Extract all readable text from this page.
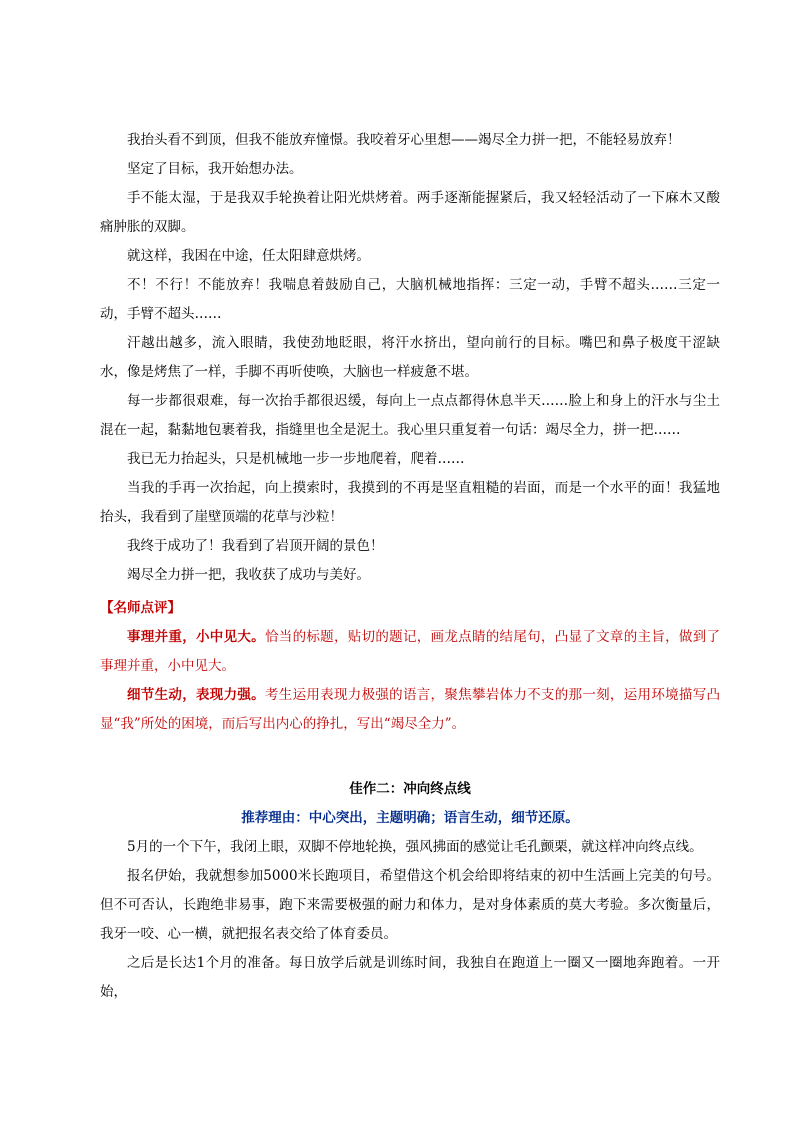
我抬头看不到顶，但我不能放弃憧憬。我咬着牙心里想——竭尽全力拼一把，不能轻易放弃！

坚定了目标，我开始想办法。

手不能太湿，于是我双手轮换着让阳光烘烤着。两手逐渐能握紧后，我又轻轻活动了一下麻木又酸痛肿胀的双脚。

就这样，我困在中途，任太阳肆意烘烤。

不！不行！不能放弃！我喘息着鼓励自己，大脑机械地指挥：三定一动，手臂不超头……三定一动，手臂不超头……

汗越出越多，流入眼睛，我使劲地眨眼，将汗水挤出，望向前行的目标。嘴巴和鼻子极度干涩缺水，像是烤焦了一样，手脚不再听使唤，大脑也一样疲惫不堪。

每一步都很艰难，每一次抬手都很迟缓，每向上一点点都得休息半天……脸上和身上的汗水与尘土混在一起，黏黏地包裹着我，指缝里也全是泥土。我心里只重复着一句话：竭尽全力，拼一把……

我已无力抬起头，只是机械地一步一步地爬着，爬着……

当我的手再一次抬起，向上摸索时，我摸到的不再是坚直粗糙的岩面，而是一个水平的面！我猛地抬头，我看到了崖壁顶端的花草与沙粒！

我终于成功了！我看到了岩顶开阔的景色！

竭尽全力拼一把，我收获了成功与美好。

【名师点评】

事理并重，小中见大。恰当的标题，贴切的题记，画龙点睛的结尾句，凸显了文章的主旨，做到了事理并重，小中见大。

细节生动，表现力强。考生运用表现力极强的语言，聚焦攀岩体力不支的那一刻，运用环境描写凸显“我”所处的困境，而后写出内心的挣扎，写出“竭尽全力”。

佳作二：冲向终点线

推荐理由：中心突出，主题明确；语言生动，细节还原。

5月的一个下午，我闭上眼，双脚不停地轮换，强风拂面的感觉让毛孔颤栗，就这样冲向终点线。

报名伊始，我就想参加5000米长跑项目，希望借这个机会给即将结束的初中生活画上完美的句号。但不可否认，长跑绝非易事，跑下来需要极强的耐力和体力，是对身体素质的莫大考验。多次衡量后，我牙一咬、心一横，就把报名表交给了体育委员。

之后是长达1个月的准备。每日放学后就是训练时间，我独自在跑道上一圈又一圈地奔跑着。一开始，
